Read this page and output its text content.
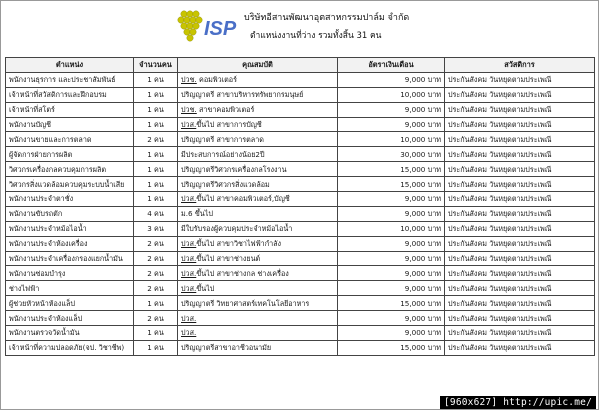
ISP บริษัทอีสานพัฒนาอุตสาหกรรมปาล์ม จำกัด
ตำแหน่งงานที่ว่าง รวมทั้งสิ้น 31 คน
ตำแหน่ง	จำนวนคน	คุณสมบัติ	อัตราเงินเดือน	สวัสดิการ
พนักงานธุรการ และประชาสัมพันธ์	1 คน	ปวช. คอมพิวเตอร์	9,000 บาท	ประกันสังคม วันหยุดตามประเพณี
เจ้าหน้าที่สวัสดิการและฝึกอบรม	1 คน	ปริญญาตรี สาขาบริหารทรัพยากรมนุษย์	10,000 บาท	ประกันสังคม วันหยุดตามประเพณี
เจ้าหน้าที่สโตร์	1 คน	ปวช. สาขาคอมพิวเตอร์	9,000 บาท	ประกันสังคม วันหยุดตามประเพณี
พนักงานบัญชี	1 คน	ปวส.ขึ้นไป สาขาการบัญชี	9,000 บาท	ประกันสังคม วันหยุดตามประเพณี
พนักงานขายและการตลาด	2 คน	ปริญญาตรี สาขาการตลาด	10,000 บาท	ประกันสังคม วันหยุดตามประเพณี
ผู้จัดการฝ่ายการผลิต	1 คน	มีประสบการณ์อย่างน้อย2ปี	30,000 บาท	ประกันสังคม วันหยุดตามประเพณี
วิศวกรเครื่องกลควบคุมการผลิต	1 คน	ปริญญาตรีวิศวกรเครื่องกลโรงงาน	15,000 บาท	ประกันสังคม วันหยุดตามประเพณี
วิศวกรสิ่งแวดล้อมควบคุมระบบน้ำเสีย	1 คน	ปริญญาตรีวิศวกรสิ่งแวดล้อม	15,000 บาท	ประกันสังคม วันหยุดตามประเพณี
พนักงานประจำตาชั่ง	1 คน	ปวส.ขึ้นไป สาขาคอมพิวเตอร์,บัญชี	9,000 บาท	ประกันสังคม วันหยุดตามประเพณี
พนักงานขับรถตัก	4 คน	ม.6 ขึ้นไป	9,000 บาท	ประกันสังคม วันหยุดตามประเพณี
พนักงานประจำหม้อไอน้ำ	3 คน	มีใบรับรองผู้ควบคุมประจำหม้อไอน้ำ	10,000 บาท	ประกันสังคม วันหยุดตามประเพณี
พนักงานประจำห้องเครื่อง	2 คน	ปวส.ขึ้นไป สาขาวิชาไฟฟ้ากำลัง	9,000 บาท	ประกันสังคม วันหยุดตามประเพณี
พนักงานประจำเครื่องกรองแยกน้ำมัน	2 คน	ปวส.ขึ้นไป สาขาช่างยนต์	9,000 บาท	ประกันสังคม วันหยุดตามประเพณี
พนักงานซ่อมบำรุง	2 คน	ปวส.ขึ้นไป สาขาช่างกล ช่างเครื่อง	9,000 บาท	ประกันสังคม วันหยุดตามประเพณี
ช่างไฟฟ้า	2 คน	ปวส.ขึ้นไป	9,000 บาท	ประกันสังคม วันหยุดตามประเพณี
ผู้ช่วยหัวหน้าห้องแล็ป	1 คน	ปริญญาตรี วิทยาศาสตร์เทคโนโลยีอาหาร	15,000 บาท	ประกันสังคม วันหยุดตามประเพณี
พนักงานประจำห้องแล็ป	2 คน	ปวส.	9,000 บาท	ประกันสังคม วันหยุดตามประเพณี
พนักงานตรวจวัดน้ำมัน	1 คน	ปวส.	9,000 บาท	ประกันสังคม วันหยุดตามประเพณี
เจ้าหน้าที่ความปลอดภัย(จป. วิชาชีพ)	1 คน	ปริญญาตรีสาขาอาชีวอนามัย	15,000 บาท	ประกันสังคม วันหยุดตามประเพณี
[960x627] http://upic.me/
